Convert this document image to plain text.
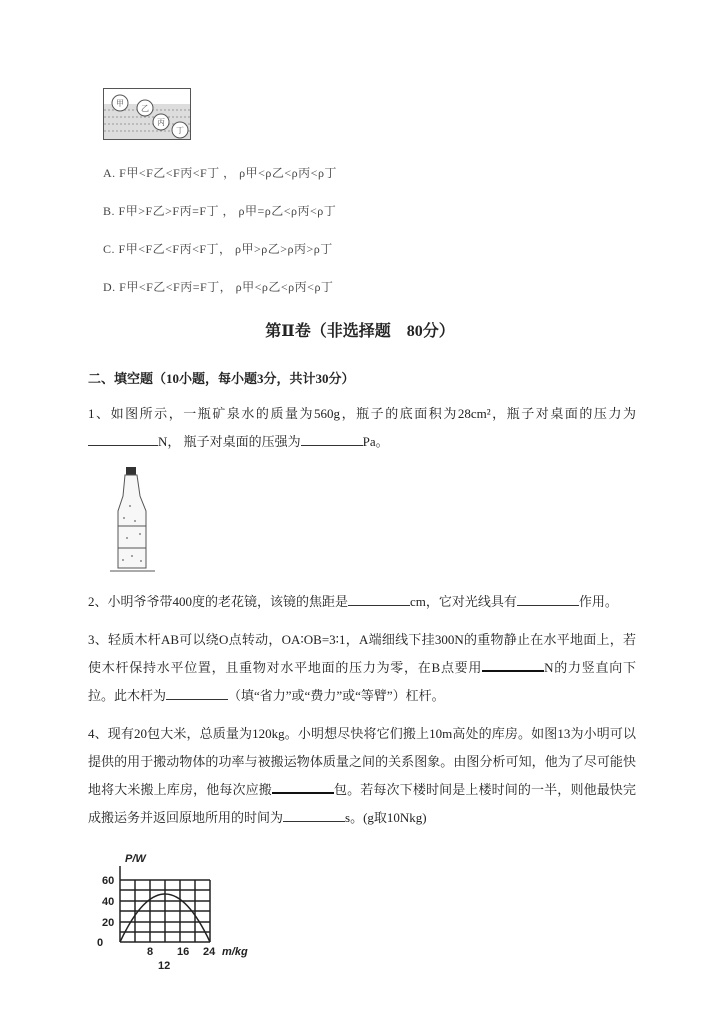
甲
乙
丙
丁
A. F甲<F乙<F丙<F丁 ， ρ甲<ρ乙<ρ丙<ρ丁
B. F甲>F乙>F丙=F丁 ， ρ甲=ρ乙<ρ丙<ρ丁
C. F甲<F乙<F丙<F丁， ρ甲>ρ乙>ρ丙>ρ丁
D. F甲<F乙<F丙=F丁， ρ甲<ρ乙<ρ丙<ρ丁
第Ⅱ卷（非选择题　80分）
二、填空题（10小题，每小题3分，共计30分）
1、如图所示，一瓶矿泉水的质量为560g，瓶子的底面积为28cm²，瓶子对桌面的压力为N， 瓶子对桌面的压强为	Pa。
2、小明爷爷带400度的老花镜，该镜的焦距是	cm，它对光线具有	作用。
3、轻质木杆AB可以绕O点转动，OA∶OB=3∶1，A端细线下挂300N的重物静止在水平地面上，若使木杆保持水平位置，且重物对水平地面的压力为零，在B点要用	N的力竖直向下拉。此木杆为	（填“省力”或“费力”或“等臂”）杠杆。
4、现有20包大米，总质量为120kg。小明想尽快将它们搬上10m高处的库房。如图13为小明可以提供的用于搬动物体的功率与被搬运物体质量之间的关系图象。由图分析可知，他为了尽可能快地将大米搬上库房，他每次应搬	包。若每次下楼时间是上楼时间的一半，则他最快完成搬运务并返回原地所用的时间为	s。(g取10Nkg)
P/W
0
20
40
60
8 16 24
12
m/kg
